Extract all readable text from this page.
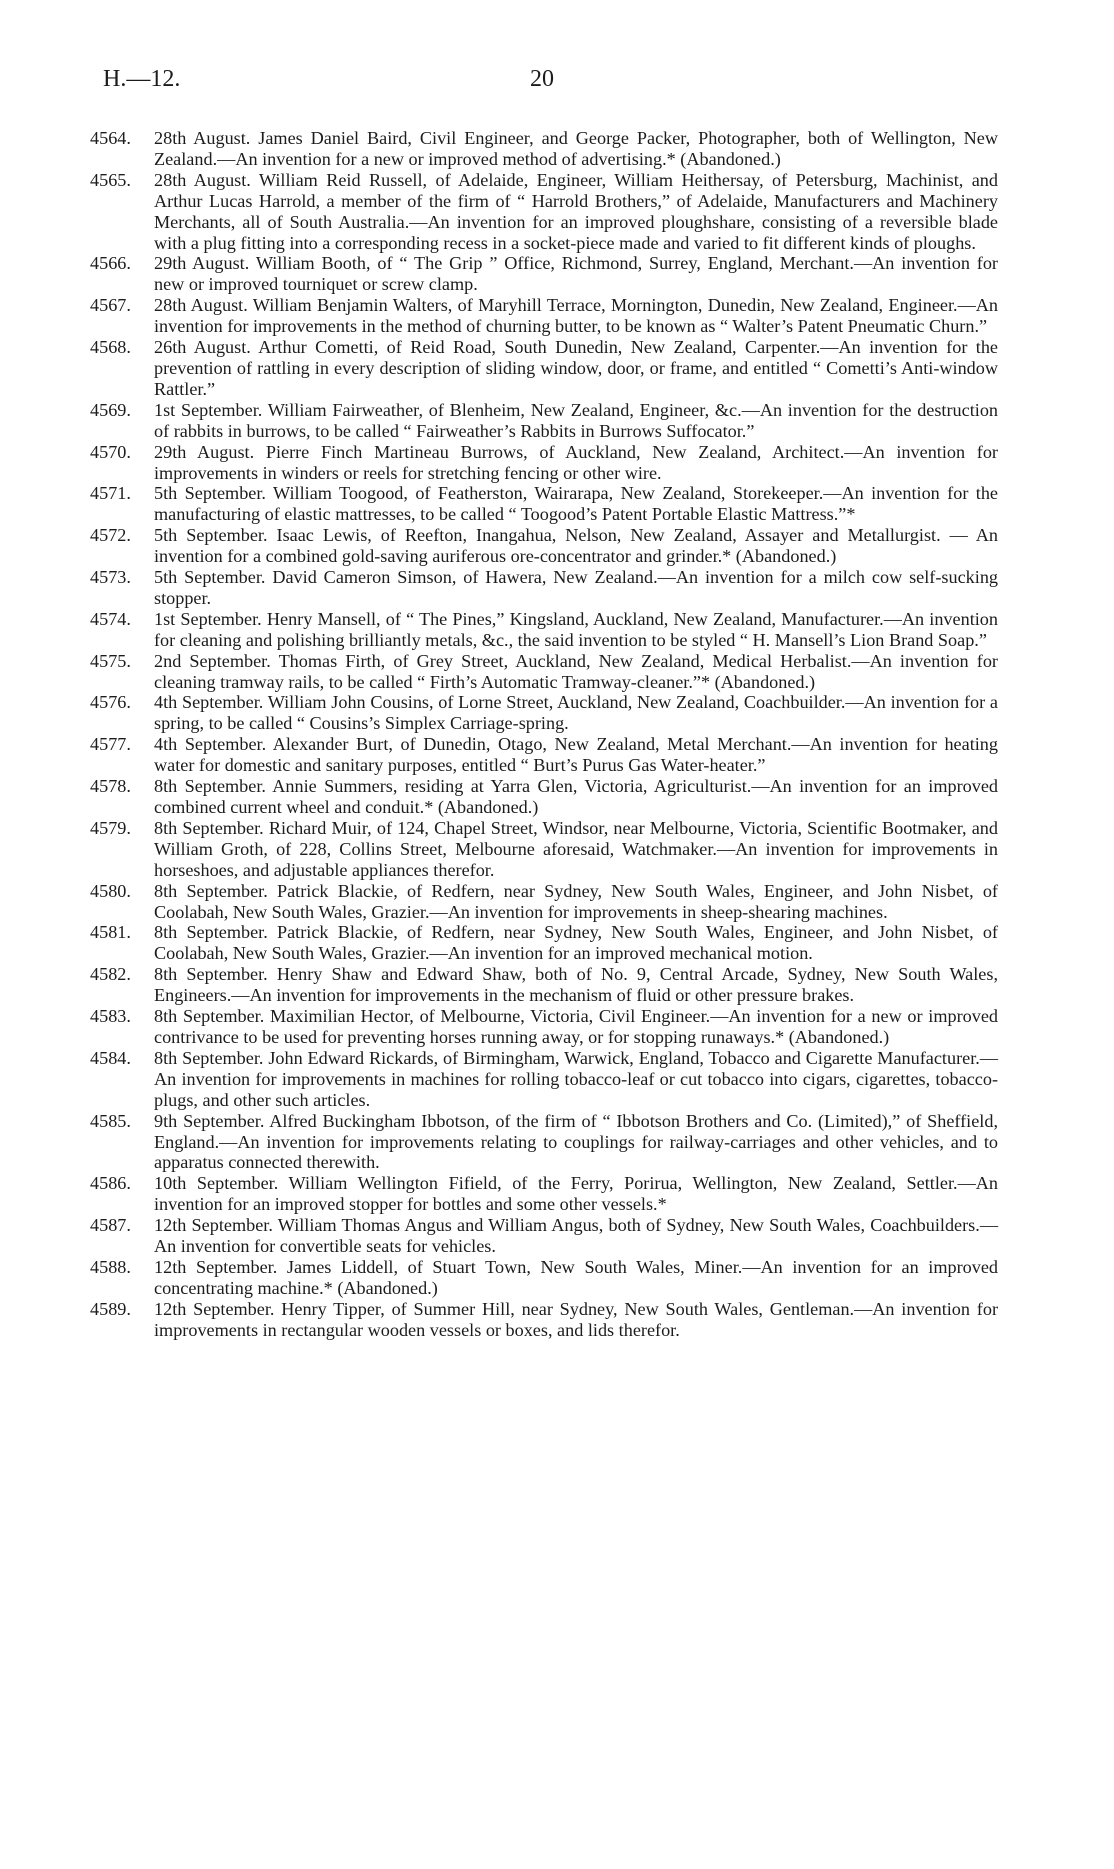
H.—12.	20
4564. 28th August. James Daniel Baird, Civil Engineer, and George Packer, Photographer, both of Wellington, New Zealand.—An invention for a new or improved method of advertising.* (Abandoned.)
4565. 28th August. William Reid Russell, of Adelaide, Engineer, William Heithersay, of Petersburg, Machinist, and Arthur Lucas Harrold, a member of the firm of “ Harrold Brothers,” of Adelaide, Manufacturers and Machinery Merchants, all of South Australia.—An invention for an improved ploughshare, consisting of a reversible blade with a plug fitting into a corresponding recess in a socket-piece made and varied to fit different kinds of ploughs.
4566. 29th August. William Booth, of “ The Grip ” Office, Richmond, Surrey, England, Merchant.—An invention for new or improved tourniquet or screw clamp.
4567. 28th August. William Benjamin Walters, of Maryhill Terrace, Mornington, Dunedin, New Zealand, Engineer.—An invention for improvements in the method of churning butter, to be known as “ Walter’s Patent Pneumatic Churn.”
4568. 26th August. Arthur Cometti, of Reid Road, South Dunedin, New Zealand, Carpenter.—An invention for the prevention of rattling in every description of sliding window, door, or frame, and entitled “ Cometti’s Anti-window Rattler.”
4569. 1st September. William Fairweather, of Blenheim, New Zealand, Engineer, &c.—An invention for the destruction of rabbits in burrows, to be called “ Fairweather’s Rabbits in Burrows Suffocator.”
4570. 29th August. Pierre Finch Martineau Burrows, of Auckland, New Zealand, Architect.—An invention for improvements in winders or reels for stretching fencing or other wire.
4571. 5th September. William Toogood, of Featherston, Wairarapa, New Zealand, Storekeeper.—An invention for the manufacturing of elastic mattresses, to be called “ Toogood’s Patent Portable Elastic Mattress.”*
4572. 5th September. Isaac Lewis, of Reefton, Inangahua, Nelson, New Zealand, Assayer and Metallurgist. — An invention for a combined gold-saving auriferous ore-concentrator and grinder.* (Abandoned.)
4573. 5th September. David Cameron Simson, of Hawera, New Zealand.—An invention for a milch cow self-sucking stopper.
4574. 1st September. Henry Mansell, of “ The Pines,” Kingsland, Auckland, New Zealand, Manufacturer.—An invention for cleaning and polishing brilliantly metals, &c., the said invention to be styled “ H. Mansell’s Lion Brand Soap.”
4575. 2nd September. Thomas Firth, of Grey Street, Auckland, New Zealand, Medical Herbalist.—An invention for cleaning tramway rails, to be called “ Firth’s Automatic Tramway-cleaner.”* (Abandoned.)
4576. 4th September. William John Cousins, of Lorne Street, Auckland, New Zealand, Coachbuilder.—An invention for a spring, to be called “ Cousins’s Simplex Carriage-spring.
4577. 4th September. Alexander Burt, of Dunedin, Otago, New Zealand, Metal Merchant.—An invention for heating water for domestic and sanitary purposes, entitled “ Burt’s Purus Gas Water-heater.”
4578. 8th September. Annie Summers, residing at Yarra Glen, Victoria, Agriculturist.—An invention for an improved combined current wheel and conduit.* (Abandoned.)
4579. 8th September. Richard Muir, of 124, Chapel Street, Windsor, near Melbourne, Victoria, Scientific Bootmaker, and William Groth, of 228, Collins Street, Melbourne aforesaid, Watchmaker.—An invention for improvements in horseshoes, and adjustable appliances therefor.
4580. 8th September. Patrick Blackie, of Redfern, near Sydney, New South Wales, Engineer, and John Nisbet, of Coolabah, New South Wales, Grazier.—An invention for improvements in sheep-shearing machines.
4581. 8th September. Patrick Blackie, of Redfern, near Sydney, New South Wales, Engineer, and John Nisbet, of Coolabah, New South Wales, Grazier.—An invention for an improved mechanical motion.
4582. 8th September. Henry Shaw and Edward Shaw, both of No. 9, Central Arcade, Sydney, New South Wales, Engineers.—An invention for improvements in the mechanism of fluid or other pressure brakes.
4583. 8th September. Maximilian Hector, of Melbourne, Victoria, Civil Engineer.—An invention for a new or improved contrivance to be used for preventing horses running away, or for stopping runaways.* (Abandoned.)
4584. 8th September. John Edward Rickards, of Birmingham, Warwick, England, Tobacco and Cigarette Manufacturer.—An invention for improvements in machines for rolling tobacco-leaf or cut tobacco into cigars, cigarettes, tobacco-plugs, and other such articles.
4585. 9th September. Alfred Buckingham Ibbotson, of the firm of “ Ibbotson Brothers and Co. (Limited),” of Sheffield, England.—An invention for improvements relating to couplings for railway-carriages and other vehicles, and to apparatus connected therewith.
4586. 10th September. William Wellington Fifield, of the Ferry, Porirua, Wellington, New Zealand, Settler.—An invention for an improved stopper for bottles and some other vessels.*
4587. 12th September. William Thomas Angus and William Angus, both of Sydney, New South Wales, Coachbuilders.—An invention for convertible seats for vehicles.
4588. 12th September. James Liddell, of Stuart Town, New South Wales, Miner.—An invention for an improved concentrating machine.* (Abandoned.)
4589. 12th September. Henry Tipper, of Summer Hill, near Sydney, New South Wales, Gentleman.—An invention for improvements in rectangular wooden vessels or boxes, and lids therefor.
